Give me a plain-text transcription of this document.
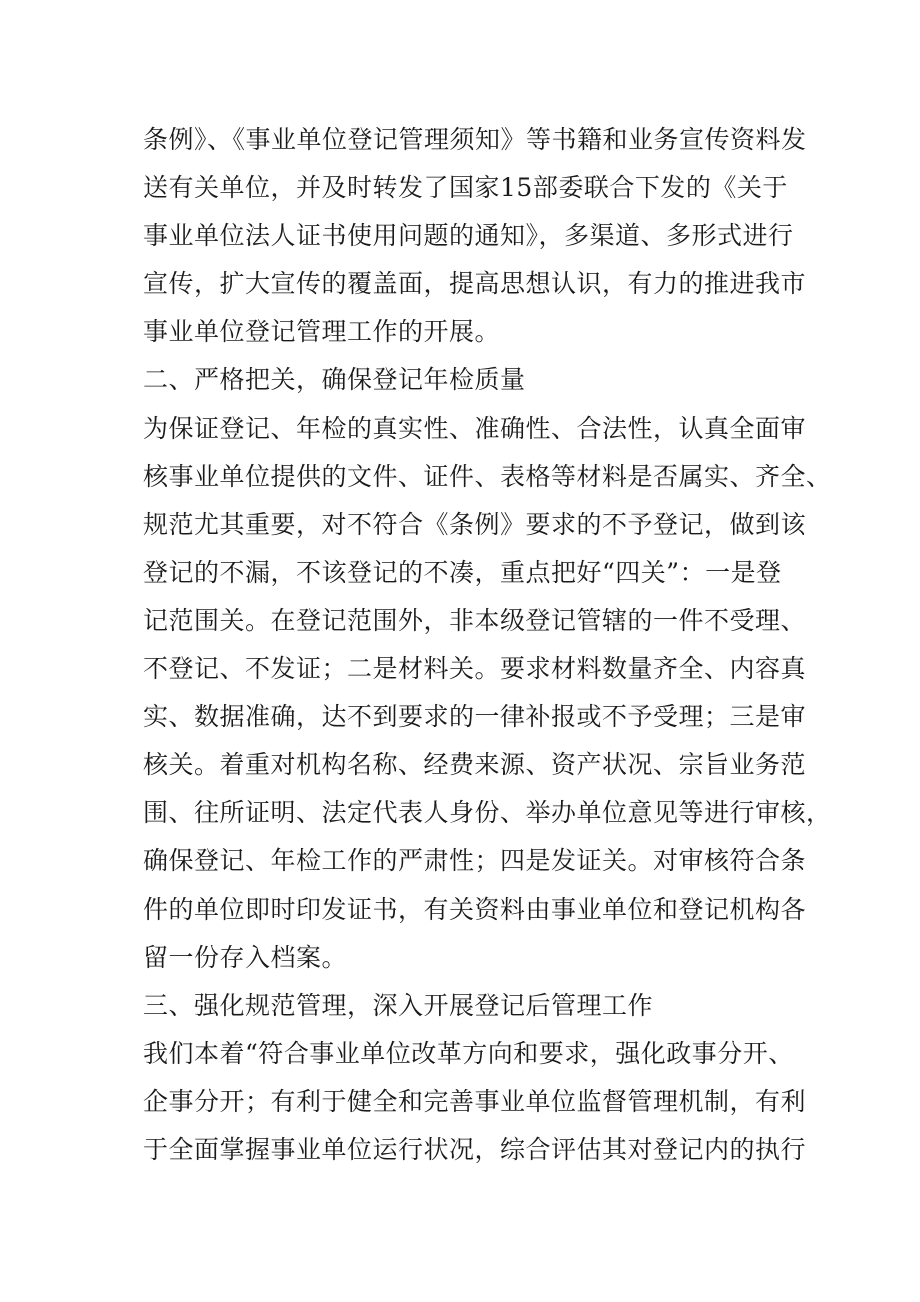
条例》、《事业单位登记管理须知》等书籍和业务宣传资料发
送有关单位，并及时转发了国家15部委联合下发的《关于
事业单位法人证书使用问题的通知》，多渠道、多形式进行
宣传，扩大宣传的覆盖面，提高思想认识，有力的推进我市
事业单位登记管理工作的开展。
二、严格把关，确保登记年检质量
为保证登记、年检的真实性、准确性、合法性，认真全面审
核事业单位提供的文件、证件、表格等材料是否属实、齐全、
规范尤其重要，对不符合《条例》要求的不予登记，做到该
登记的不漏，不该登记的不凑，重点把好“四关”：一是登
记范围关。在登记范围外，非本级登记管辖的一件不受理、
不登记、不发证；二是材料关。要求材料数量齐全、内容真
实、数据准确，达不到要求的一律补报或不予受理；三是审
核关。着重对机构名称、经费来源、资产状况、宗旨业务范
围、往所证明、法定代表人身份、举办单位意见等进行审核，
确保登记、年检工作的严肃性；四是发证关。对审核符合条
件的单位即时印发证书，有关资料由事业单位和登记机构各
留一份存入档案。
三、强化规范管理，深入开展登记后管理工作
我们本着“符合事业单位改革方向和要求，强化政事分开、
企事分开；有利于健全和完善事业单位监督管理机制，有利
于全面掌握事业单位运行状况，综合评估其对登记内的执行
